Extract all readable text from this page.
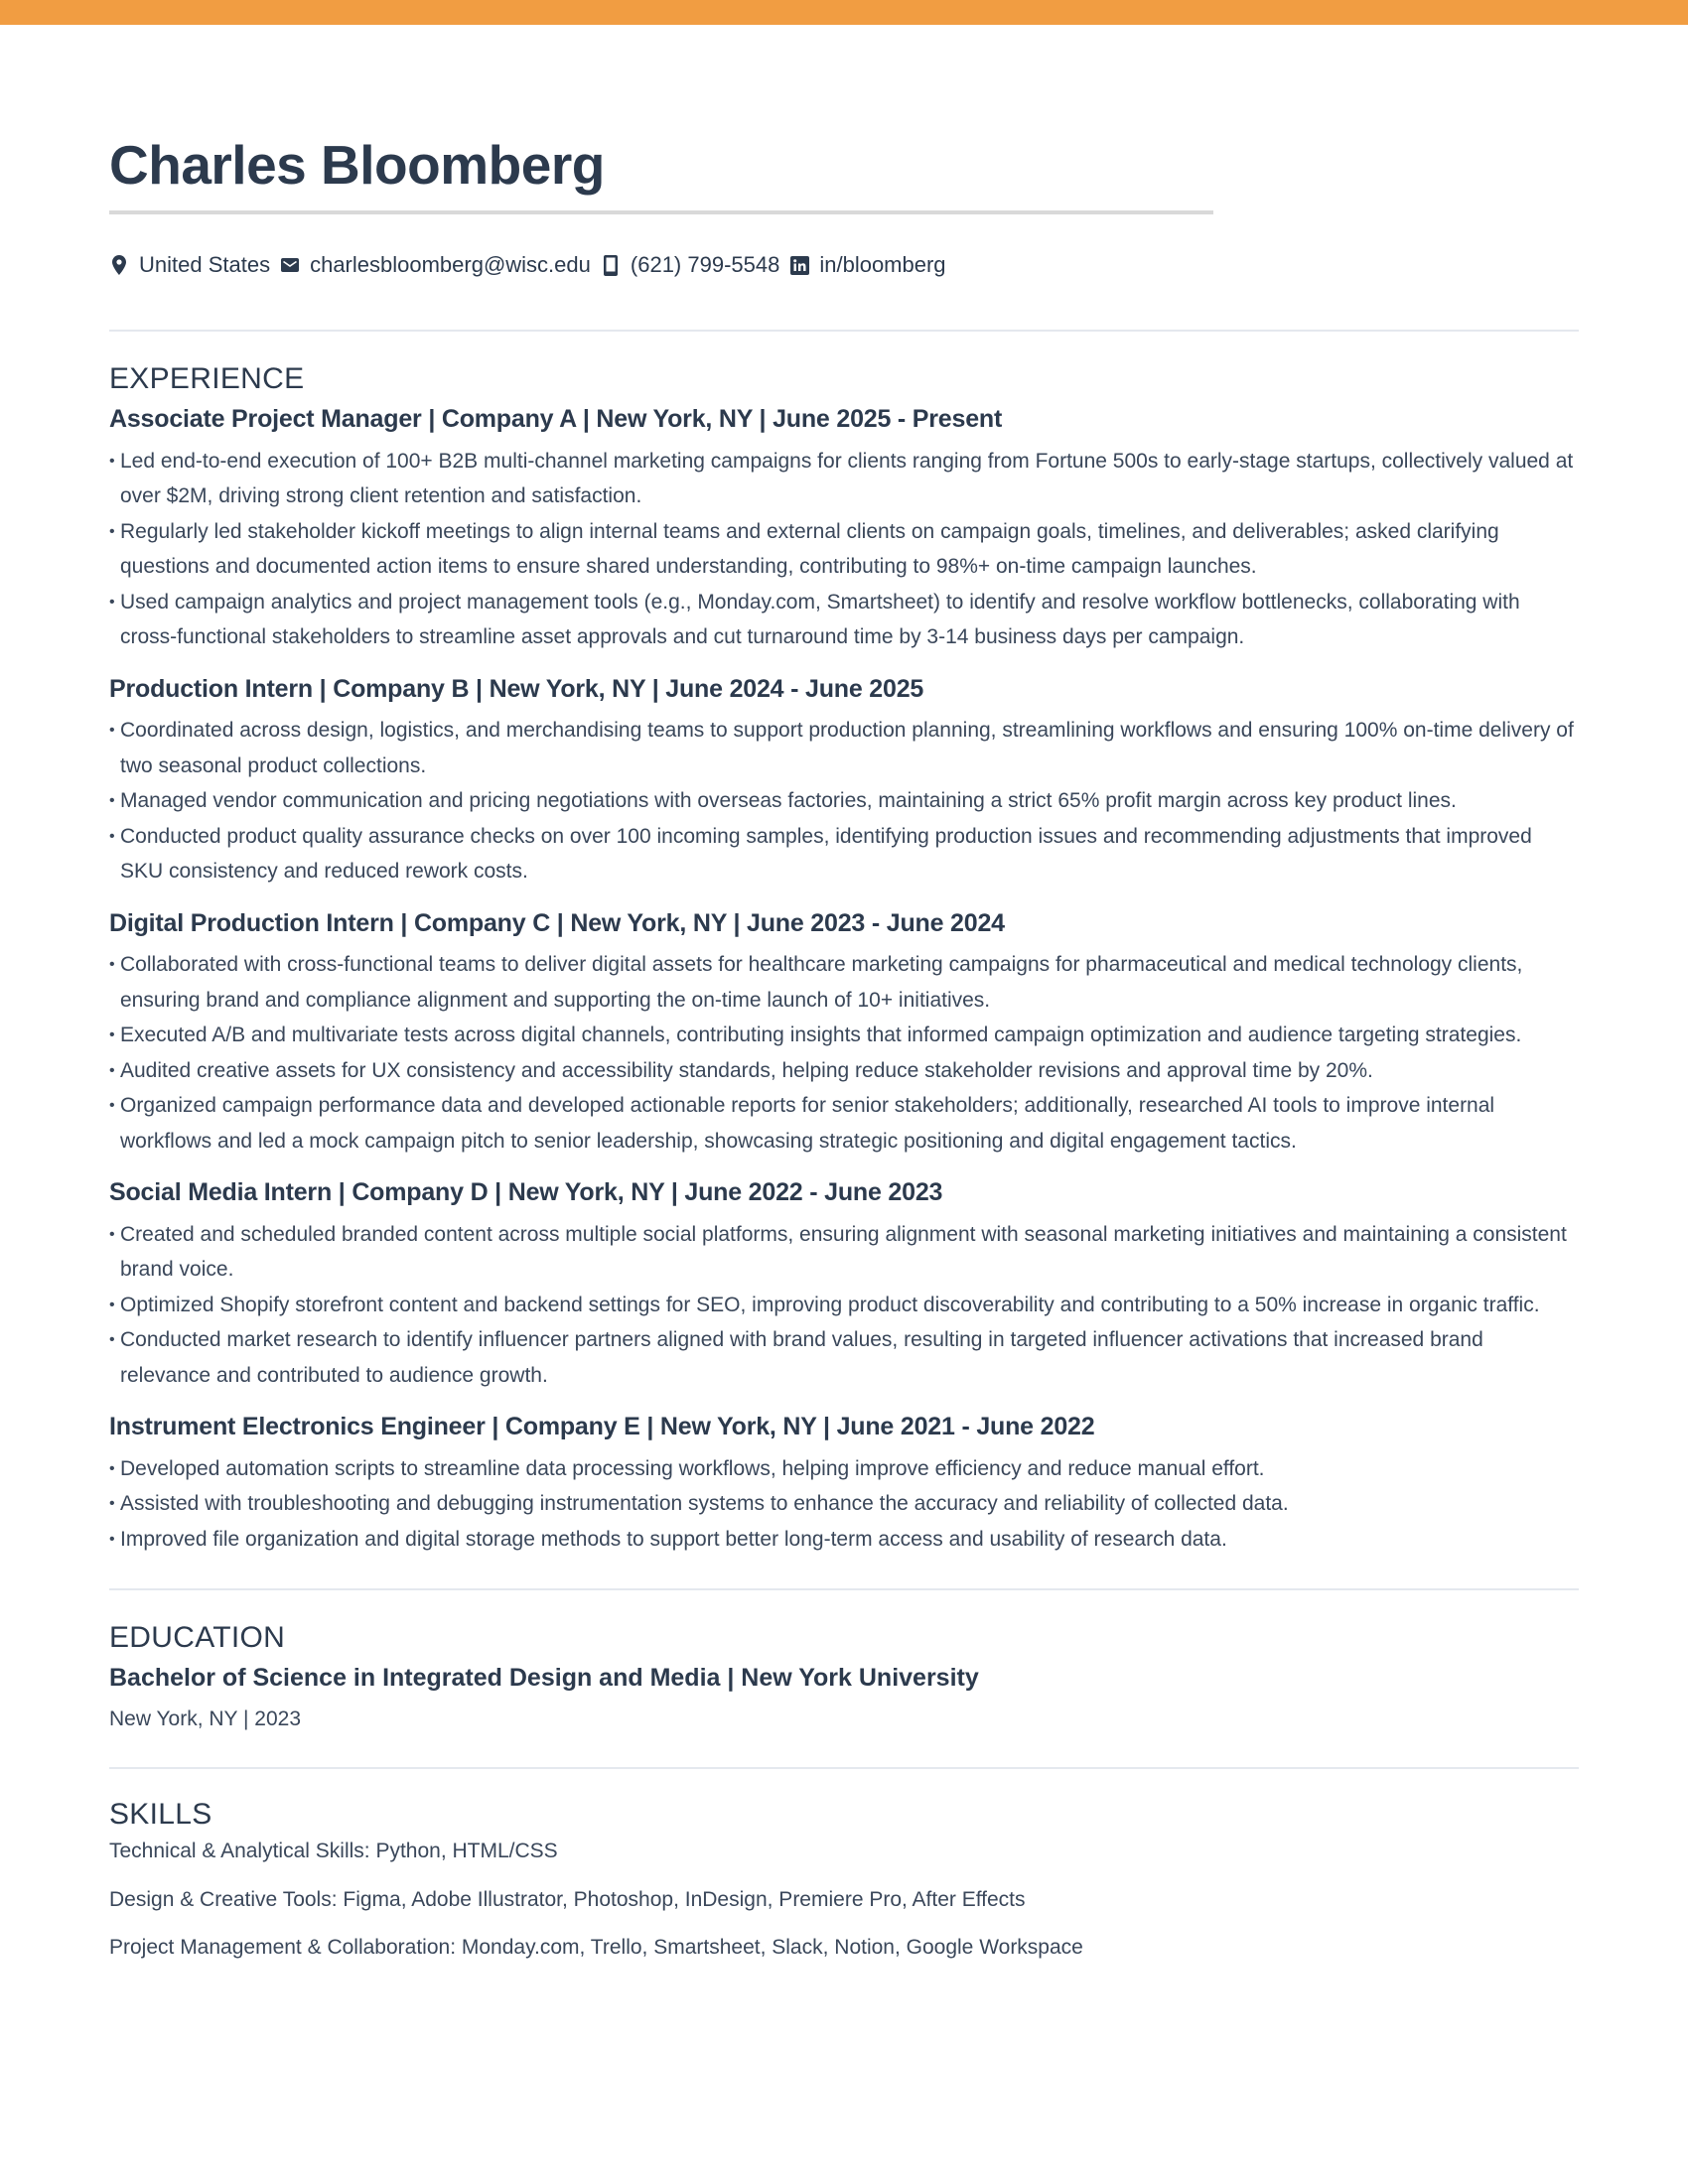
Charles Bloomberg
United States charlesbloomberg@wisc.edu (621) 799-5548 in/bloomberg
EXPERIENCE
Associate Project Manager | Company A | New York, NY | June 2025 - Present
• Led end-to-end execution of 100+ B2B multi-channel marketing campaigns for clients ranging from Fortune 500s to early-stage startups, collectively valued at over $2M, driving strong client retention and satisfaction.
• Regularly led stakeholder kickoff meetings to align internal teams and external clients on campaign goals, timelines, and deliverables; asked clarifying questions and documented action items to ensure shared understanding, contributing to 98%+ on-time campaign launches.
• Used campaign analytics and project management tools (e.g., Monday.com, Smartsheet) to identify and resolve workflow bottlenecks, collaborating with cross-functional stakeholders to streamline asset approvals and cut turnaround time by 3-14 business days per campaign.
Production Intern | Company B | New York, NY | June 2024 - June 2025
• Coordinated across design, logistics, and merchandising teams to support production planning, streamlining workflows and ensuring 100% on-time delivery of two seasonal product collections.
• Managed vendor communication and pricing negotiations with overseas factories, maintaining a strict 65% profit margin across key product lines.
• Conducted product quality assurance checks on over 100 incoming samples, identifying production issues and recommending adjustments that improved SKU consistency and reduced rework costs.
Digital Production Intern | Company C | New York, NY | June 2023 - June 2024
• Collaborated with cross-functional teams to deliver digital assets for healthcare marketing campaigns for pharmaceutical and medical technology clients, ensuring brand and compliance alignment and supporting the on-time launch of 10+ initiatives.
• Executed A/B and multivariate tests across digital channels, contributing insights that informed campaign optimization and audience targeting strategies.
• Audited creative assets for UX consistency and accessibility standards, helping reduce stakeholder revisions and approval time by 20%.
• Organized campaign performance data and developed actionable reports for senior stakeholders; additionally, researched AI tools to improve internal workflows and led a mock campaign pitch to senior leadership, showcasing strategic positioning and digital engagement tactics.
Social Media Intern | Company D | New York, NY | June 2022 - June 2023
• Created and scheduled branded content across multiple social platforms, ensuring alignment with seasonal marketing initiatives and maintaining a consistent brand voice.
• Optimized Shopify storefront content and backend settings for SEO, improving product discoverability and contributing to a 50% increase in organic traffic.
• Conducted market research to identify influencer partners aligned with brand values, resulting in targeted influencer activations that increased brand relevance and contributed to audience growth.
Instrument Electronics Engineer | Company E | New York, NY | June 2021 - June 2022
• Developed automation scripts to streamline data processing workflows, helping improve efficiency and reduce manual effort.
• Assisted with troubleshooting and debugging instrumentation systems to enhance the accuracy and reliability of collected data.
• Improved file organization and digital storage methods to support better long-term access and usability of research data.
EDUCATION
Bachelor of Science in Integrated Design and Media | New York University
New York, NY | 2023
SKILLS
Technical & Analytical Skills: Python, HTML/CSS
Design & Creative Tools: Figma, Adobe Illustrator, Photoshop, InDesign, Premiere Pro, After Effects
Project Management & Collaboration: Monday.com, Trello, Smartsheet, Slack, Notion, Google Workspace
